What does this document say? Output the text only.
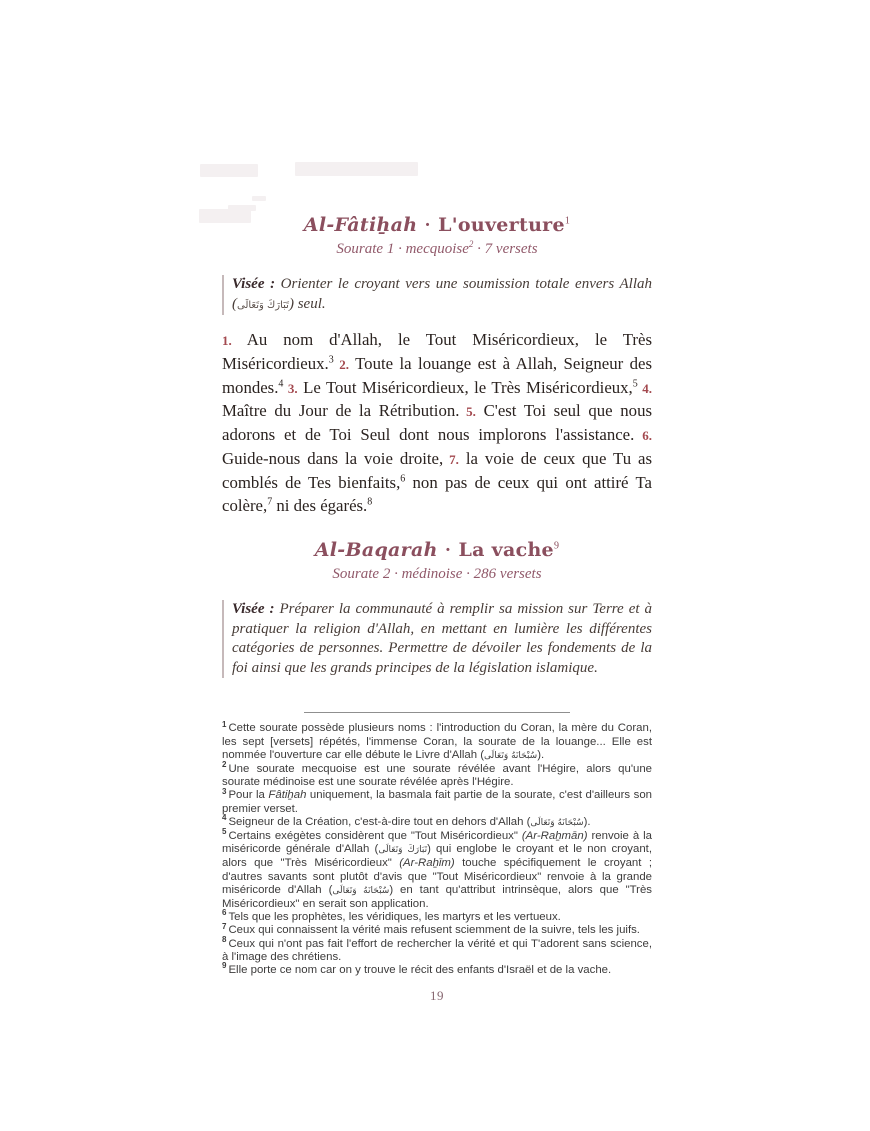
Al-Fâtiẖah · L'ouverture$^1$
Sourate 1 · mecquoise$^2$ · 7 versets
Visée : Orienter le croyant vers une soumission totale envers Allah (تَبَارَكَ وَتَعَالَى) seul.
1. Au nom d'Allah, le Tout Miséricordieux, le Très Miséricordieux.$^3$ 2. Toute la louange est à Allah, Seigneur des mondes.$^4$ 3. Le Tout Miséricordieux, le Très Miséricordieux,$^5$ 4. Maître du Jour de la Rétribution. 5. C'est Toi seul que nous adorons et de Toi Seul dont nous implorons l'assistance. 6. Guide-nous dans la voie droite, 7. la voie de ceux que Tu as comblés de Tes bienfaits,$^6$ non pas de ceux qui ont attiré Ta colère,$^7$ ni des égarés.$^8$
Al-Baqarah · La vache$^9$
Sourate 2 · médinoise · 286 versets
Visée : Préparer la communauté à remplir sa mission sur Terre et à pratiquer la religion d'Allah, en mettant en lumière les différentes catégories de personnes. Permettre de dévoiler les fondements de la foi ainsi que les grands principes de la législation islamique.
$^1$ Cette sourate possède plusieurs noms : l'introduction du Coran, la mère du Coran, les sept [versets] répétés, l'immense Coran, la sourate de la louange... Elle est nommée l'ouverture car elle débute le Livre d'Allah (سُبْحَانَهُ وَتَعَالَى).
$^2$ Une sourate mecquoise est une sourate révélée avant l'Hégire, alors qu'une sourate médinoise est une sourate révélée après l'Hégire.
$^3$ Pour la Fâtiẖah uniquement, la basmala fait partie de la sourate, c'est d'ailleurs son premier verset.
$^4$ Seigneur de la Création, c'est-à-dire tout en dehors d'Allah (سُبْحَانَهُ وَتَعَالَى).
$^5$ Certains exégètes considèrent que "Tout Miséricordieux" (Ar-Raẖmān) renvoie à la miséricorde générale d'Allah (تَبَارَكَ وَتَعَالَى) qui englobe le croyant et le non croyant, alors que "Très Miséricordieux" (Ar-Raẖīm) touche spécifiquement le croyant ; d'autres savants sont plutôt d'avis que "Tout Miséricordieux" renvoie à la grande miséricorde d'Allah (سُبْحَانَهُ وَتَعَالَى) en tant qu'attribut intrinsèque, alors que "Très Miséricordieux" en serait son application.
$^6$ Tels que les prophètes, les véridiques, les martyrs et les vertueux.
$^7$ Ceux qui connaissent la vérité mais refusent sciemment de la suivre, tels les juifs.
$^8$ Ceux qui n'ont pas fait l'effort de rechercher la vérité et qui T'adorent sans science, à l'image des chrétiens.
$^9$ Elle porte ce nom car on y trouve le récit des enfants d'Israël et de la vache.
19
